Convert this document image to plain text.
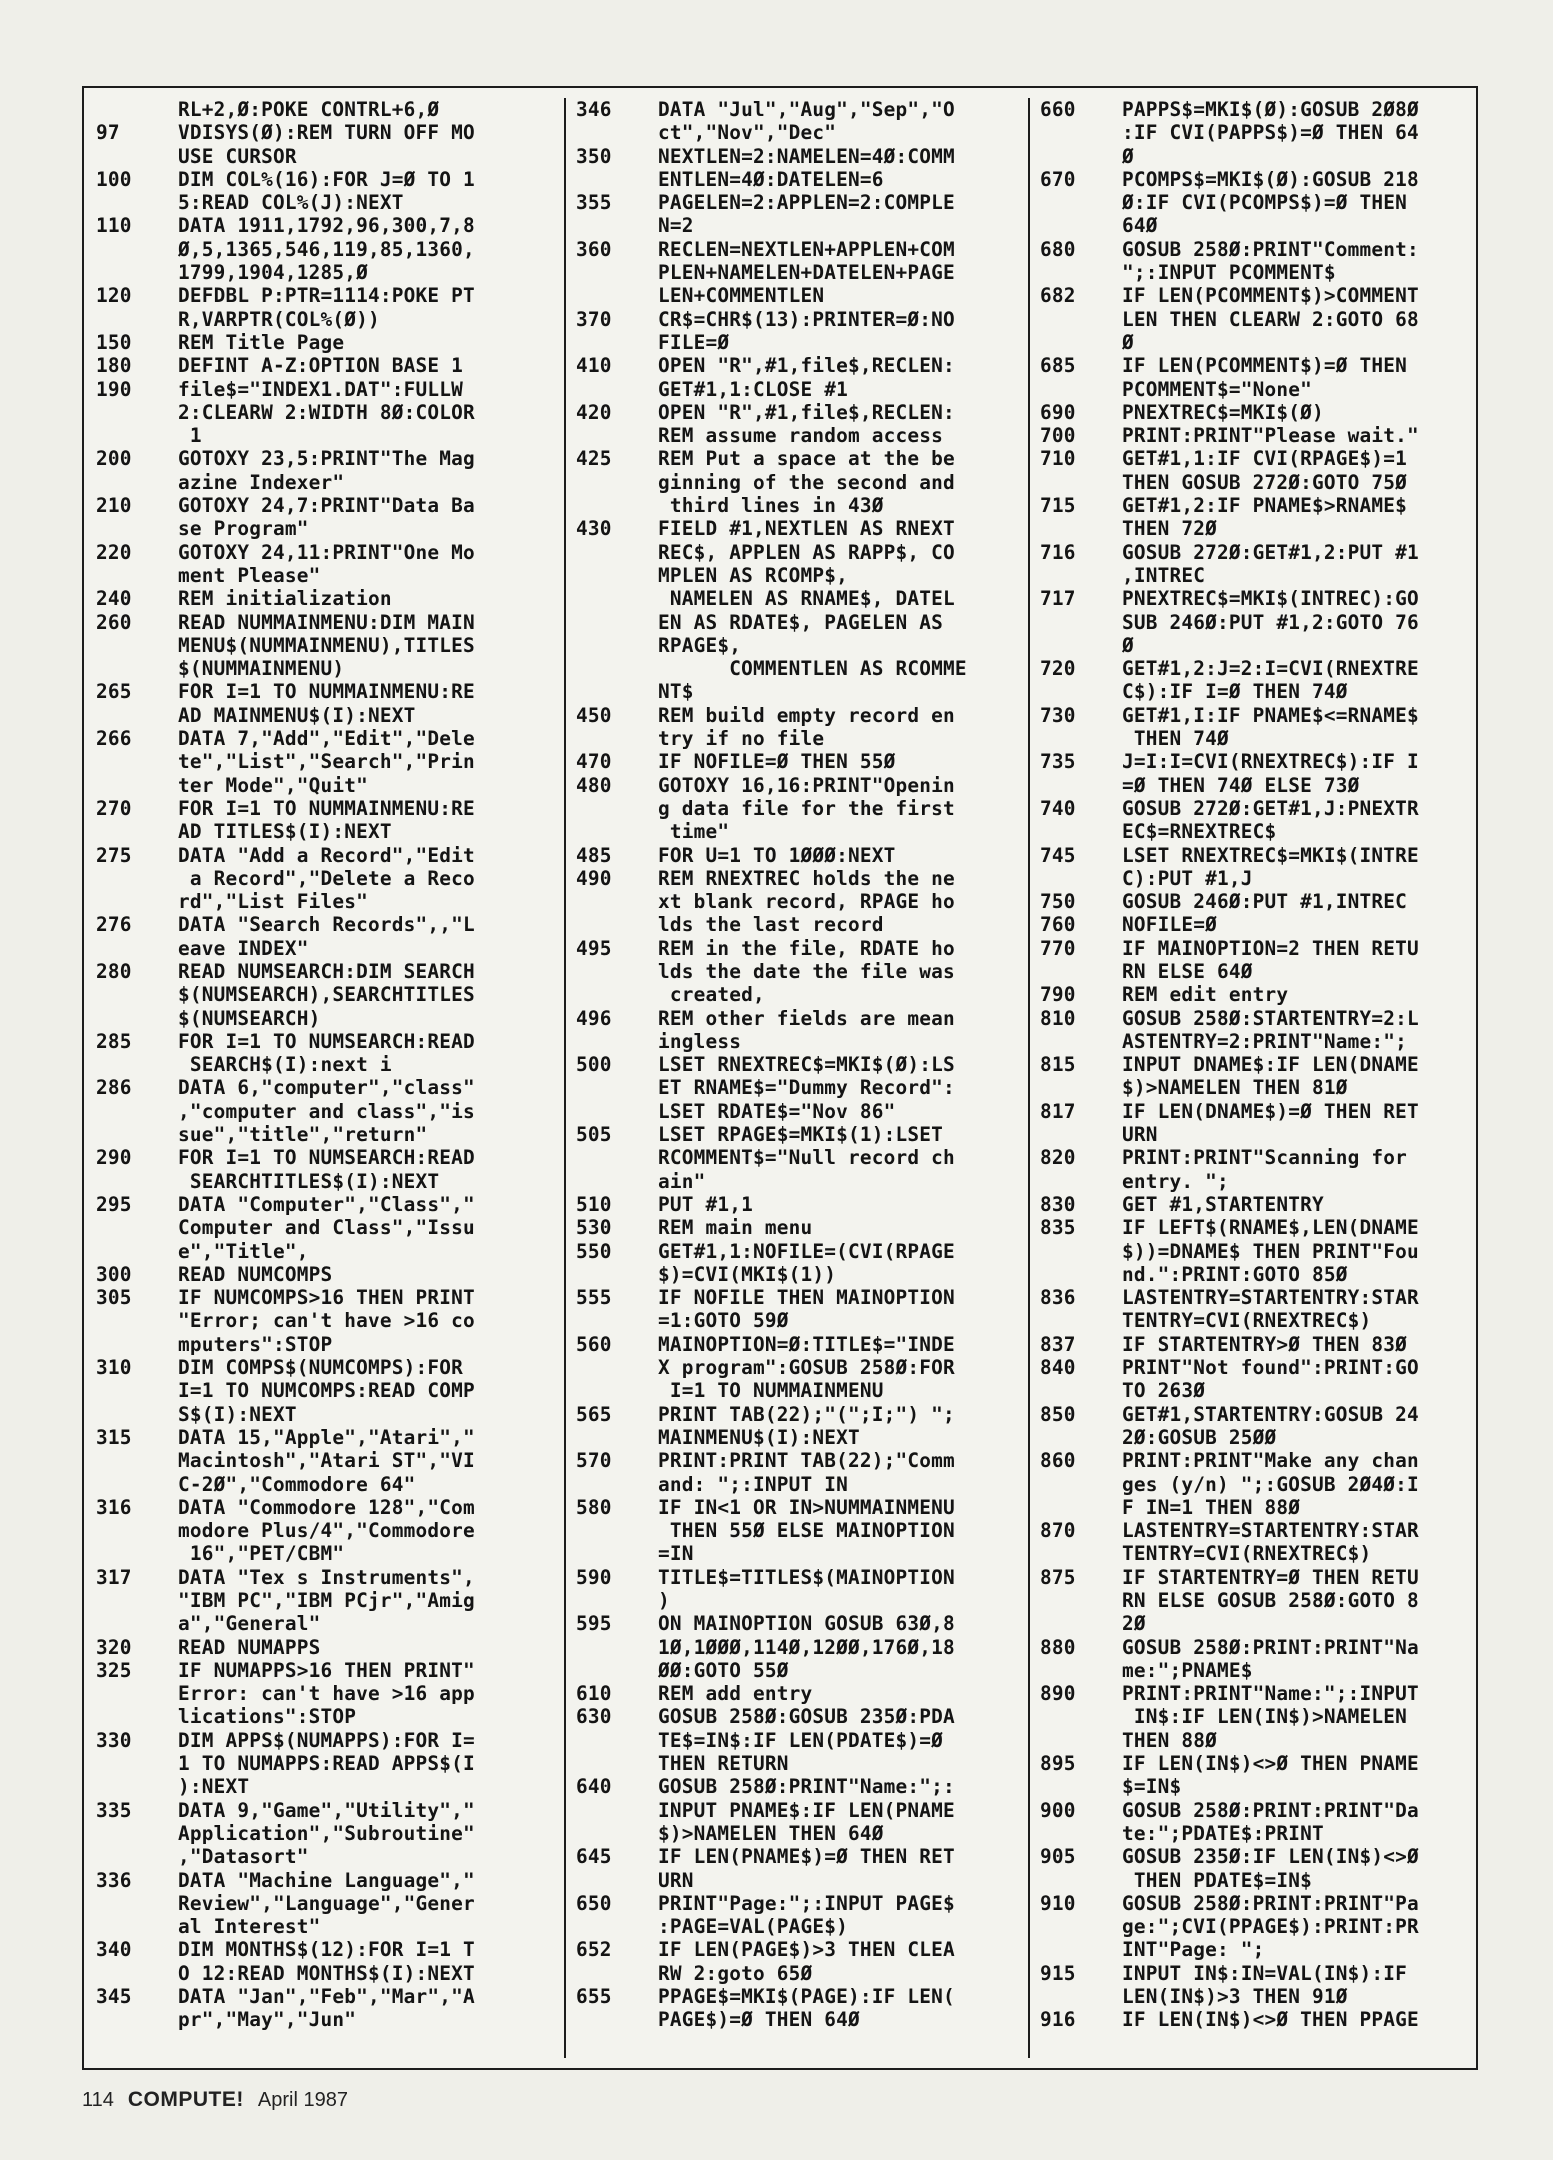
RL+2,Ø:POKE CONTRL+6,Ø
97	VDISYS(Ø):REM TURN OFF MO
USE CURSOR
100	DIM COL%(16):FOR J=Ø TO 1
5:READ COL%(J):NEXT
110	DATA 1911,1792,96,300,7,8
Ø,5,1365,546,119,85,1360,
1799,1904,1285,Ø
120	DEFDBL P:PTR=1114:POKE PT
R,VARPTR(COL%(Ø))
150	REM Title Page
180	DEFINT A-Z:OPTION BASE 1
190	file$="INDEX1.DAT":FULLW
2:CLEARW 2:WIDTH 8Ø:COLOR
1
200	GOTOXY 23,5:PRINT"The Mag
azine Indexer"
210	GOTOXY 24,7:PRINT"Data Ba
se Program"
220	GOTOXY 24,11:PRINT"One Mo
ment Please"
240	REM initialization
260	READ NUMMAINMENU:DIM MAIN
MENU$(NUMMAINMENU),TITLES
$(NUMMAINMENU)
265	FOR I=1 TO NUMMAINMENU:RE
AD MAINMENU$(I):NEXT
266	DATA 7,"Add","Edit","Dele
te","List","Search","Prin
ter Mode","Quit"
270	FOR I=1 TO NUMMAINMENU:RE
AD TITLES$(I):NEXT
275	DATA "Add a Record","Edit
a Record","Delete a Reco
rd","List Files"
276	DATA "Search Records",,"L
eave INDEX"
280	READ NUMSEARCH:DIM SEARCH
$(NUMSEARCH),SEARCHTITLES
$(NUMSEARCH)
285	FOR I=1 TO NUMSEARCH:READ
SEARCH$(I):next i
286	DATA 6,"computer","class"
,"computer and class","is
sue","title","return"
290	FOR I=1 TO NUMSEARCH:READ
SEARCHTITLES$(I):NEXT
295	DATA "Computer","Class","
Computer and Class","Issu
e","Title",
300	READ NUMCOMPS
305	IF NUMCOMPS>16 THEN PRINT
"Error; can't have >16 co
mputers":STOP
310	DIM COMPS$(NUMCOMPS):FOR
I=1 TO NUMCOMPS:READ COMP
S$(I):NEXT
315	DATA 15,"Apple","Atari","
Macintosh","Atari ST","VI
C-2Ø","Commodore 64"
316	DATA "Commodore 128","Com
modore Plus/4","Commodore
16","PET/CBM"
317	DATA "Tex s Instruments",
"IBM PC","IBM PCjr","Amig
a","General"
320	READ NUMAPPS
325	IF NUMAPPS>16 THEN PRINT"
Error: can't have >16 app
lications":STOP
330	DIM APPS$(NUMAPPS):FOR I=
1 TO NUMAPPS:READ APPS$(I
):NEXT
335	DATA 9,"Game","Utility","
Application","Subroutine"
,"Datasort"
336	DATA "Machine Language","
Review","Language","Gener
al Interest"
340	DIM MONTHS$(12):FOR I=1 T
O 12:READ MONTHS$(I):NEXT
345	DATA "Jan","Feb","Mar","A
pr","May","Jun"
346	DATA "Jul","Aug","Sep","O
ct","Nov","Dec"
350	NEXTLEN=2:NAMELEN=4Ø:COMM
ENTLEN=4Ø:DATELEN=6
355	PAGELEN=2:APPLEN=2:COMPLE
N=2
360	RECLEN=NEXTLEN+APPLEN+COM
PLEN+NAMELEN+DATELEN+PAGE
LEN+COMMENTLEN
370	CR$=CHR$(13):PRINTER=Ø:NO
FILE=Ø
410	OPEN "R",#1,file$,RECLEN:
GET#1,1:CLOSE #1
420	OPEN "R",#1,file$,RECLEN:
REM assume random access
425	REM Put a space at the be
ginning of the second and
third lines in 43Ø
430	FIELD #1,NEXTLEN AS RNEXT
REC$, APPLEN AS RAPP$, CO
MPLEN AS RCOMP$,
NAMELEN AS RNAME$, DATEL
EN AS RDATE$, PAGELEN AS
RPAGE$,
COMMENTLEN AS RCOMME
NT$
450	REM build empty record en
try if no file
470	IF NOFILE=Ø THEN 55Ø
480	GOTOXY 16,16:PRINT"Openin
g data file for the first
time"
485	FOR U=1 TO 1ØØØ:NEXT
490	REM RNEXTREC holds the ne
xt blank record, RPAGE ho
lds the last record
495	REM in the file, RDATE ho
lds the date the file was
created,
496	REM other fields are mean
ingless
500	LSET RNEXTREC$=MKI$(Ø):LS
ET RNAME$="Dummy Record":
LSET RDATE$="Nov 86"
505	LSET RPAGE$=MKI$(1):LSET
RCOMMENT$="Null record ch
ain"
510	PUT #1,1
530	REM main menu
550	GET#1,1:NOFILE=(CVI(RPAGE
$)=CVI(MKI$(1))
555	IF NOFILE THEN MAINOPTION
=1:GOTO 59Ø
560	MAINOPTION=Ø:TITLE$="INDE
X program":GOSUB 258Ø:FOR
I=1 TO NUMMAINMENU
565	PRINT TAB(22);"(";I;") ";
MAINMENU$(I):NEXT
570	PRINT:PRINT TAB(22);"Comm
and: ";:INPUT IN
580	IF IN<1 OR IN>NUMMAINMENU
THEN 55Ø ELSE MAINOPTION
=IN
590	TITLE$=TITLES$(MAINOPTION
)
595	ON MAINOPTION GOSUB 63Ø,8
1Ø,1ØØØ,114Ø,12ØØ,176Ø,18
ØØ:GOTO 55Ø
610	REM add entry
630	GOSUB 258Ø:GOSUB 235Ø:PDA
TE$=IN$:IF LEN(PDATE$)=Ø
THEN RETURN
640	GOSUB 258Ø:PRINT"Name:";:
INPUT PNAME$:IF LEN(PNAME
$)>NAMELEN THEN 64Ø
645	IF LEN(PNAME$)=Ø THEN RET
URN
650	PRINT"Page:";:INPUT PAGE$
:PAGE=VAL(PAGE$)
652	IF LEN(PAGE$)>3 THEN CLEA
RW 2:goto 65Ø
655	PPAGE$=MKI$(PAGE):IF LEN(
PAGE$)=Ø THEN 64Ø
660	PAPPS$=MKI$(Ø):GOSUB 2Ø8Ø
:IF CVI(PAPPS$)=Ø THEN 64
Ø
670	PCOMPS$=MKI$(Ø):GOSUB 218
Ø:IF CVI(PCOMPS$)=Ø THEN
64Ø
680	GOSUB 258Ø:PRINT"Comment:
";:INPUT PCOMMENT$
682	IF LEN(PCOMMENT$)>COMMENT
LEN THEN CLEARW 2:GOTO 68
Ø
685	IF LEN(PCOMMENT$)=Ø THEN
PCOMMENT$="None"
690	PNEXTREC$=MKI$(Ø)
700	PRINT:PRINT"Please wait."
710	GET#1,1:IF CVI(RPAGE$)=1
THEN GOSUB 272Ø:GOTO 75Ø
715	GET#1,2:IF PNAME$>RNAME$
THEN 72Ø
716	GOSUB 272Ø:GET#1,2:PUT #1
,INTREC
717	PNEXTREC$=MKI$(INTREC):GO
SUB 246Ø:PUT #1,2:GOTO 76
Ø
720	GET#1,2:J=2:I=CVI(RNEXTRE
C$):IF I=Ø THEN 74Ø
730	GET#1,I:IF PNAME$<=RNAME$
THEN 74Ø
735	J=I:I=CVI(RNEXTREC$):IF I
=Ø THEN 74Ø ELSE 73Ø
740	GOSUB 272Ø:GET#1,J:PNEXTR
EC$=RNEXTREC$
745	LSET RNEXTREC$=MKI$(INTRE
C):PUT #1,J
750	GOSUB 246Ø:PUT #1,INTREC
760	NOFILE=Ø
770	IF MAINOPTION=2 THEN RETU
RN ELSE 64Ø
790	REM edit entry
810	GOSUB 258Ø:STARTENTRY=2:L
ASTENTRY=2:PRINT"Name:";
815	INPUT DNAME$:IF LEN(DNAME
$)>NAMELEN THEN 81Ø
817	IF LEN(DNAME$)=Ø THEN RET
URN
820	PRINT:PRINT"Scanning for
entry. ";
830	GET #1,STARTENTRY
835	IF LEFT$(RNAME$,LEN(DNAME
$))=DNAME$ THEN PRINT"Fou
nd.":PRINT:GOTO 85Ø
836	LASTENTRY=STARTENTRY:STAR
TENTRY=CVI(RNEXTREC$)
837	IF STARTENTRY>Ø THEN 83Ø
840	PRINT"Not found":PRINT:GO
TO 263Ø
850	GET#1,STARTENTRY:GOSUB 24
2Ø:GOSUB 25ØØ
860	PRINT:PRINT"Make any chan
ges (y/n) ";:GOSUB 2Ø4Ø:I
F IN=1 THEN 88Ø
870	LASTENTRY=STARTENTRY:STAR
TENTRY=CVI(RNEXTREC$)
875	IF STARTENTRY=Ø THEN RETU
RN ELSE GOSUB 258Ø:GOTO 8
2Ø
880	GOSUB 258Ø:PRINT:PRINT"Na
me:";PNAME$
890	PRINT:PRINT"Name:";:INPUT
IN$:IF LEN(IN$)>NAMELEN
THEN 88Ø
895	IF LEN(IN$)<>Ø THEN PNAME
$=IN$
900	GOSUB 258Ø:PRINT:PRINT"Da
te:";PDATE$:PRINT
905	GOSUB 235Ø:IF LEN(IN$)<>Ø
THEN PDATE$=IN$
910	GOSUB 258Ø:PRINT:PRINT"Pa
ge:";CVI(PPAGE$):PRINT:PR
INT"Page: ";
915	INPUT IN$:IN=VAL(IN$):IF
LEN(IN$)>3 THEN 91Ø
916	IF LEN(IN$)<>Ø THEN PPAGE
114 COMPUTE! April 1987
